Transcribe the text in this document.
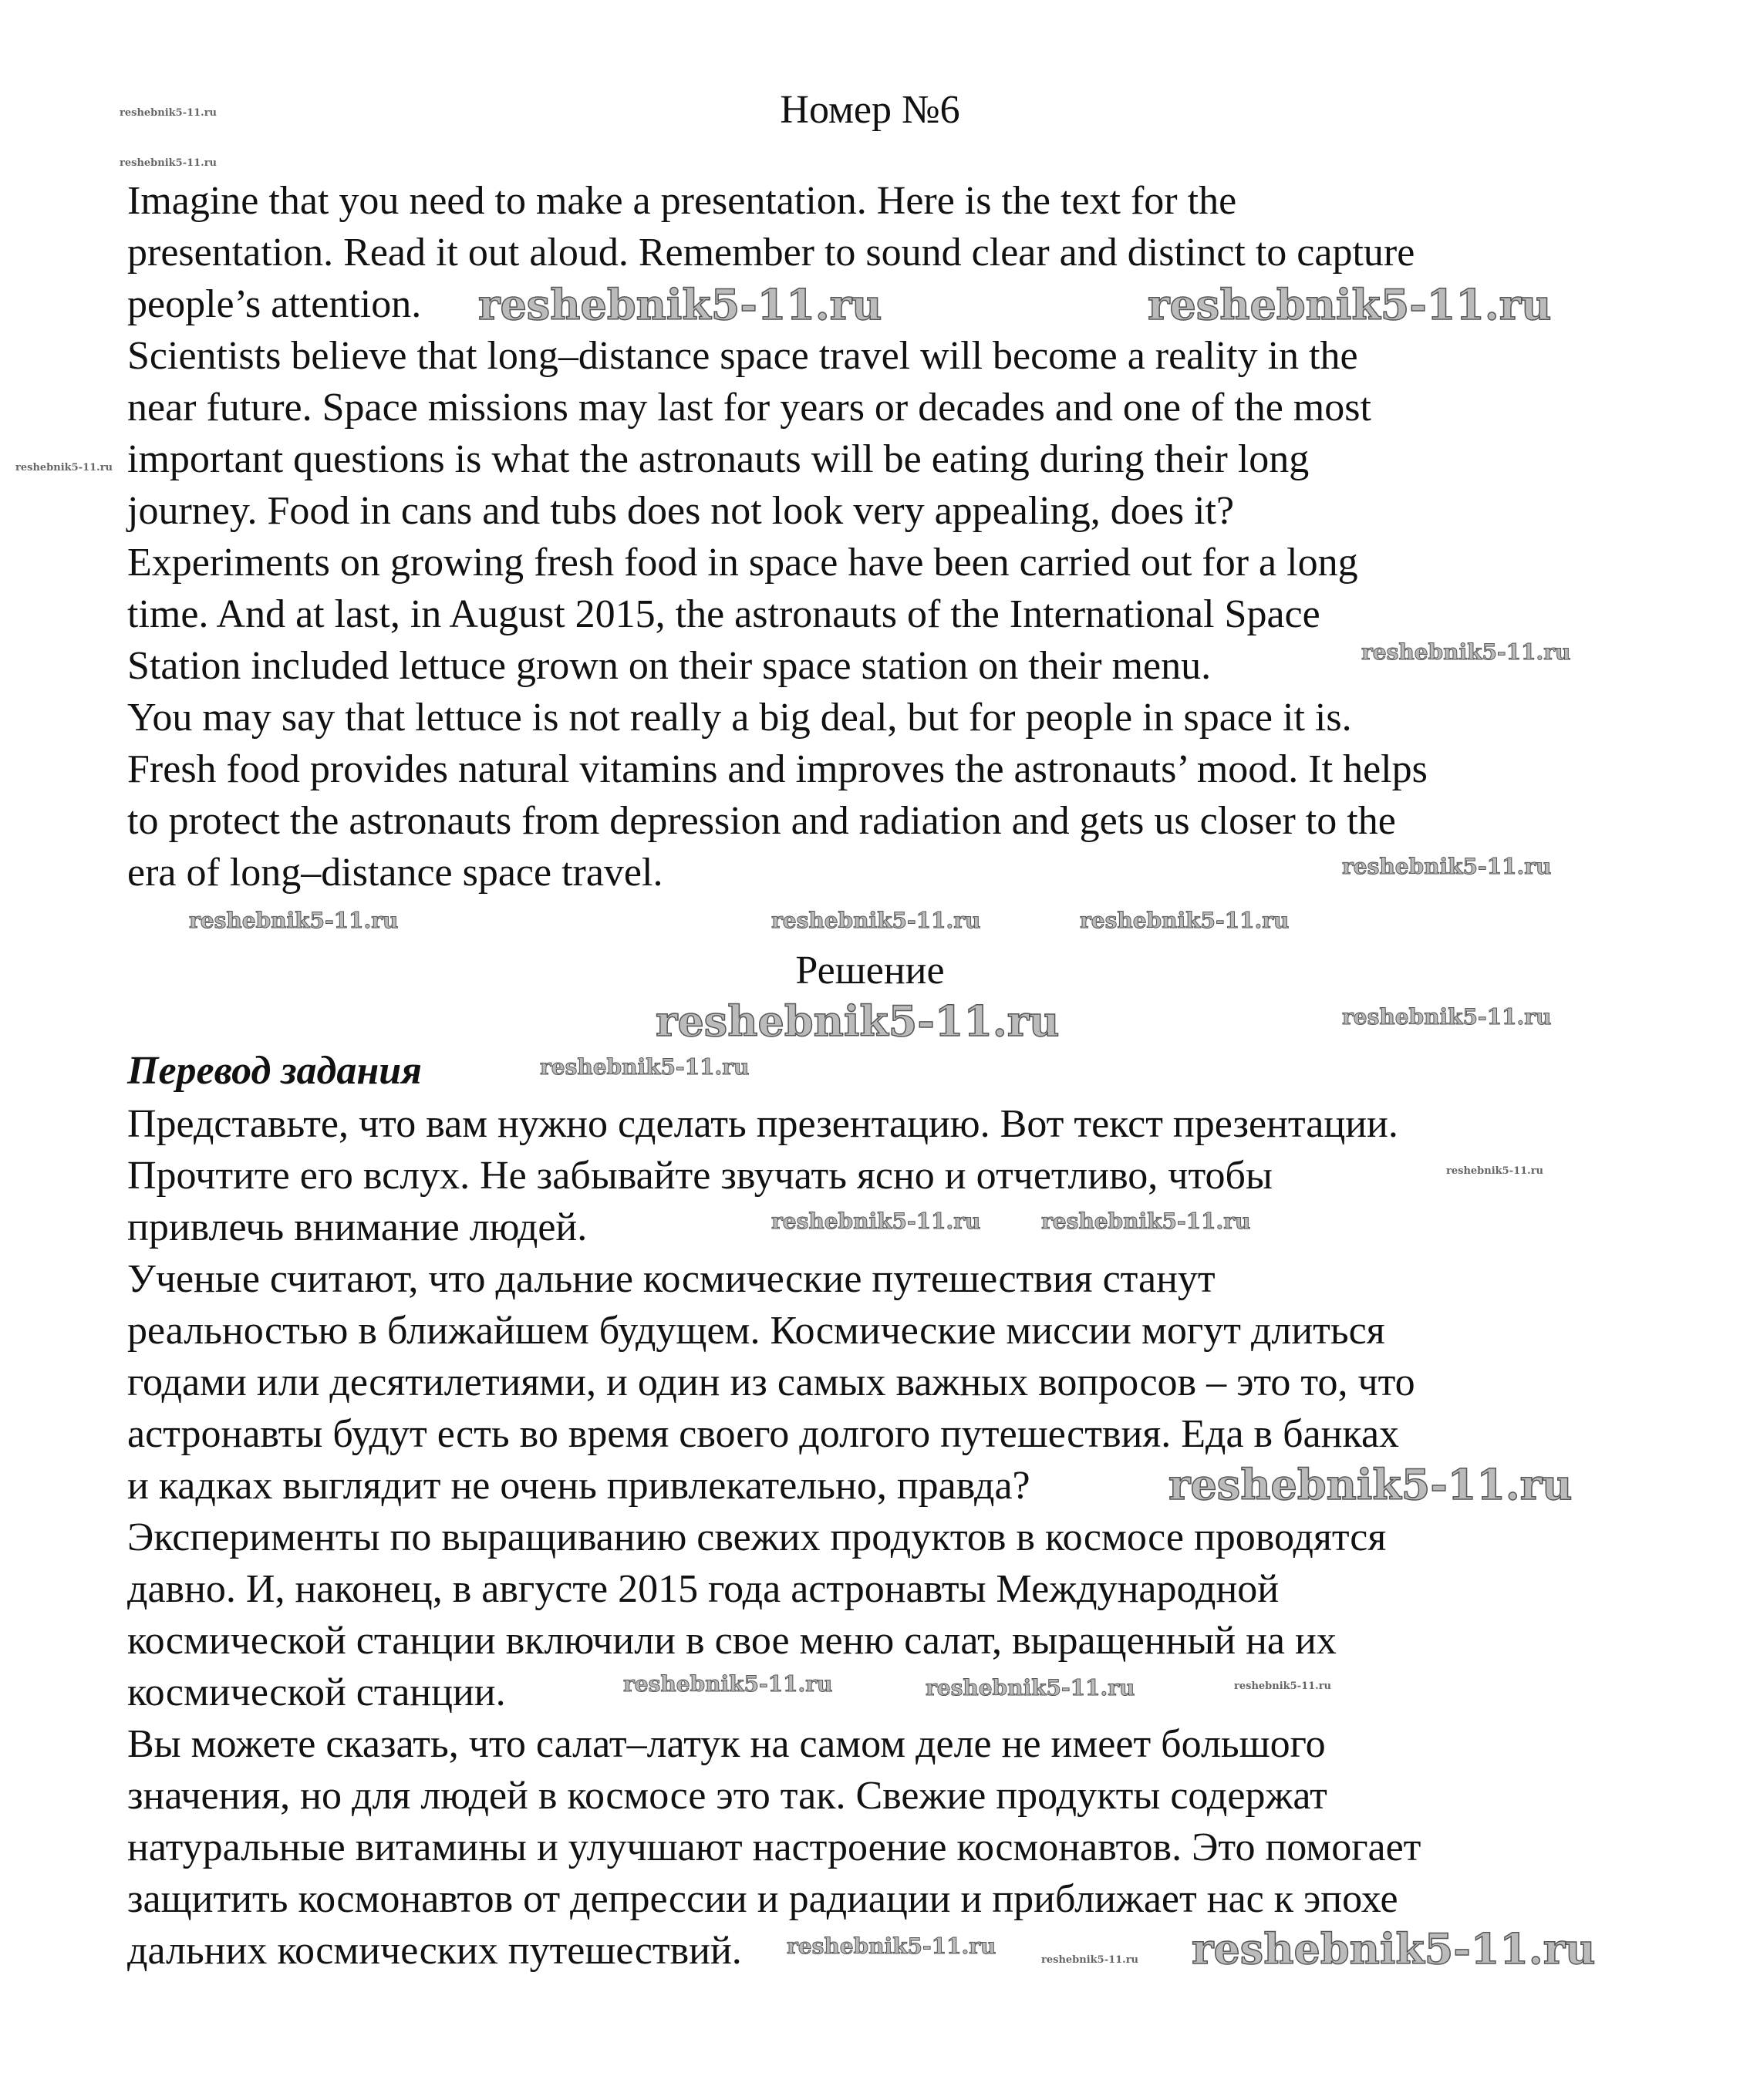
Номер №6
Imagine that you need to make a presentation. Here is the text for the
presentation. Read it out aloud. Remember to sound clear and distinct to capture
people’s attention.
Scientists believe that long–distance space travel will become a reality in the
near future. Space missions may last for years or decades and one of the most
important questions is what the astronauts will be eating during their long
journey. Food in cans and tubs does not look very appealing, does it?
Experiments on growing fresh food in space have been carried out for a long
time. And at last, in August 2015, the astronauts of the International Space
Station included lettuce grown on their space station on their menu.
You may say that lettuce is not really a big deal, but for people in space it is.
Fresh food provides natural vitamins and improves the astronauts’ mood. It helps
to protect the astronauts from depression and radiation and gets us closer to the
era of long–distance space travel.
Решение
Перевод задания
Представьте, что вам нужно сделать презентацию. Вот текст презентации.
Прочтите его вслух. Не забывайте звучать ясно и отчетливо, чтобы
привлечь внимание людей.
Ученые считают, что дальние космические путешествия станут
реальностью в ближайшем будущем. Космические миссии могут длиться
годами или десятилетиями, и один из самых важных вопросов – это то, что
астронавты будут есть во время своего долгого путешествия. Еда в банках
и кадках выглядит не очень привлекательно, правда?
Эксперименты по выращиванию свежих продуктов в космосе проводятся
давно. И, наконец, в августе 2015 года астронавты Международной
космической станции включили в свое меню салат, выращенный на их
космической станции.
Вы можете сказать, что салат–латук на самом деле не имеет большого
значения, но для людей в космосе это так. Свежие продукты содержат
натуральные витамины и улучшают настроение космонавтов. Это помогает
защитить космонавтов от депрессии и радиации и приближает нас к эпохе
дальних космических путешествий.
reshebnik5-11.ru	reshebnik5-11.ru
reshebnik5-11.ru
reshebnik5-11.ru
reshebnik5-11.ru
reshebnik5-11.ru
reshebnik5-11.ru
reshebnik5-11.ru
reshebnik5-11.ru
reshebnik5-11.ru	reshebnik5-11.ru
reshebnik5-11.ru
reshebnik5-11.ru
reshebnik5-11.ru	reshebnik5-11.ru
reshebnik5-11.ru	reshebnik5-11.ru
reshebnik5-11.ru
reshebnik5-11.ru
reshebnik5-11.ru
reshebnik5-11.ru
reshebnik5-11.ru
reshebnik5-11.ru
